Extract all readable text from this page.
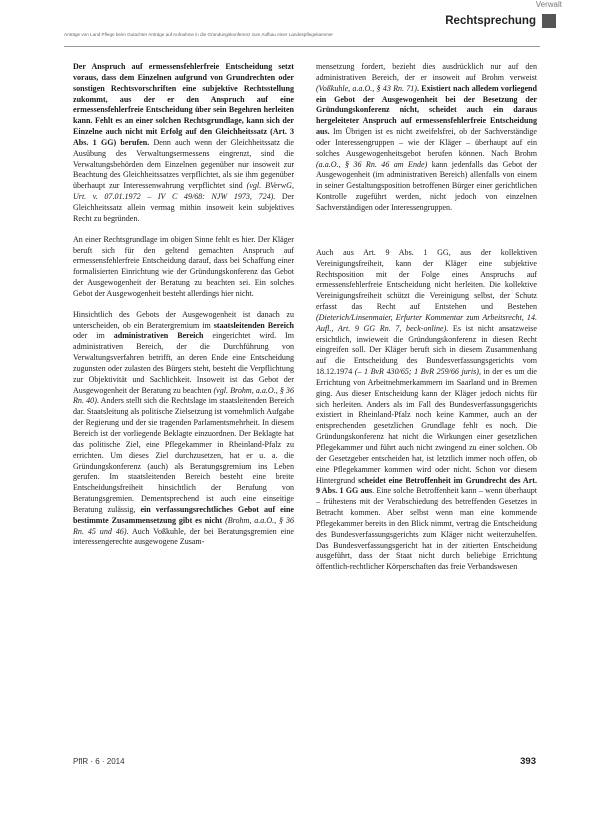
Anträge von Land Pflege beim Gutachter Anträge auf Aufnahme in die Gründungskonferenz zum Aufbau einer Landespflegekammer
Verwalt
Rechtsprechung

Der Anspruch auf ermessensfehlerfreie Entscheidung setzt voraus, dass dem Einzelnen aufgrund von Grundrechten oder sonstigen Rechtsvorschriften eine subjektive Rechtsstellung zukommt, aus der er den Anspruch auf eine ermessensfehlerfreie Entscheidung über sein Begehren herleiten kann. Fehlt es an einer solchen Rechtsgrundlage, kann sich der Einzelne auch nicht mit Erfolg auf den Gleichheitssatz (Art. 3 Abs. 1 GG) berufen. Denn auch wenn der Gleichheitssatz die Ausübung des Verwaltungsermessens eingrenzt, sind die Verwaltungsbehörden dem Einzelnen gegenüber nur insoweit zur Beachtung des Gleichheitssatzes verpflichtet, als sie ihm gegenüber überhaupt zur Interessenwahrung verpflichtet sind (vgl. BVerwG, Urt. v. 07.01.1972 – IV C 49/68: NJW 1973, 724). Der Gleichheitssatz allein vermag mithin insoweit kein subjektives Recht zu begründen.

An einer Rechtsgrundlage im obigen Sinne fehlt es hier. Der Kläger beruft sich für den geltend gemachten Anspruch auf ermessensfehlerfreie Entscheidung darauf, dass bei Schaffung einer formalisierten Einrichtung wie der Gründungskonferenz das Gebot der Ausgewogenheit der Beratung zu beachten sei. Ein solches Gebot der Ausgewogenheit besteht allerdings hier nicht.

Hinsichtlich des Gebots der Ausgewogenheit ist danach zu unterscheiden, ob ein Beratergremium im staatsleitenden Bereich oder im administrativen Bereich eingerichtet wird. Im administrativen Bereich, der die Durchführung von Verwaltungsverfahren betrifft, an deren Ende eine Entscheidung zugunsten oder zulasten des Bürgers steht, besteht die Verpflichtung zur Objektivität und Sachlichkeit. Insoweit ist das Gebot der Ausgewogenheit der Beratung zu beachten (vgl. Brohm, a.a.O., § 36 Rn. 40). Anders stellt sich die Rechtslage im staatsleitenden Bereich dar. Staatsleitung als politische Zielsetzung ist vornehmlich Aufgabe der Regierung und der sie tragenden Parlamentsmehrheit. In diesem Bereich ist der vorliegende Beklagte einzuordnen. Der Beklagte hat das politische Ziel, eine Pflegekammer in Rheinland-Pfalz zu errichten. Um dieses Ziel durchzusetzen, hat er u. a. die Gründungskonferenz (auch) als Beratungsgremium ins Leben gerufen. Im staatsleitenden Bereich besteht eine breite Entscheidungsfreiheit hinsichtlich der Berufung von Beratungsgremien. Dementsprechend ist auch eine einseitige Beratung zulässig, ein verfassungsrechtliches Gebot auf eine bestimmte Zusammensetzung gibt es nicht (Brohm, a.a.O., § 36 Rn. 45 und 46). Auch Voßkuhle, der bei Beratungsgremien eine interessengerechte ausgewogene Zusam-

mensetzung fordert, bezieht dies ausdrücklich nur auf den administrativen Bereich, der er insoweit auf Brohm verweist (Voßkuhle, a.a.O., § 43 Rn. 71). Existiert nach alledem vorliegend ein Gebot der Ausgewogenheit bei der Besetzung der Gründungskonferenz nicht, scheidet auch ein daraus hergeleiteter Anspruch auf ermessensfehlerfreie Entscheidung aus. Im Übrigen ist es nicht zweifelsfrei, ob der Sachverständige oder Interessengruppen – wie der Kläger – überhaupt auf ein solches Ausgewogenheitsgebot berufen können. Nach Brohm (a.a.O., § 36 Rn. 46 am Ende) kann jedenfalls das Gebot der Ausgewogenheit (im administrativen Bereich) allenfalls von einem in seiner Gestaltungsposition betroffenen Bürger einer gerichtlichen Kontrolle zugeführt werden, nicht jedoch von einzelnen Sachverständigen oder Interessengruppen.

Auch aus Art. 9 Abs. 1 GG, aus der kollektiven Vereinigungsfreiheit, kann der Kläger eine subjektive Rechtsposition mit der Folge eines Anspruchs auf ermessensfehlerfreie Entscheidung nicht herleiten. Die kollektive Vereinigungsfreiheit schützt die Vereinigung selbst, der Schutz erfasst das Recht auf Entstehen und Bestehen (Dieterich/Linsenmaier, Erfurter Kommentar zum Arbeitsrecht, 14. Aufl., Art. 9 GG Rn. 7, beck-online). Es ist nicht ansatzweise ersichtlich, inwieweit die Gründungskonferenz in diesen Recht eingreifen soll. Der Kläger beruft sich in diesem Zusammenhang auf die Entscheidung des Bundesverfassungsgerichts vom 18.12.1974 (– 1 BvR 430/65; 1 BvR 259/66 juris), in der es um die Errichtung von Arbeitnehmerkammern im Saarland und in Bremen ging. Aus dieser Entscheidung kann der Kläger jedoch nichts für sich herleiten. Anders als im Fall des Bundesverfassungsgerichts existiert in Rheinland-Pfalz noch keine Kammer, auch an der entsprechenden gesetzlichen Grundlage fehlt es noch. Die Gründungskonferenz hat nicht die Wirkungen einer gesetzlichen Pflegekammer und führt auch nicht zwingend zu einer solchen. Ob der Gesetzgeber entscheiden hat, ist letztlich immer noch offen, ob eine Pflegekammer kommen wird oder nicht. Schon vor diesem Hintergrund scheidet eine Betroffenheit im Grundrecht des Art. 9 Abs. 1 GG aus. Eine solche Betroffenheit kann – wenn überhaupt – frühestens mit der Verabschiedung des betreffenden Gesetzes in Betracht kommen. Aber selbst wenn man eine kommende Pflegekammer bereits in den Blick nimmt, vertrag die Entscheidung des Bundesverfassungsgerichts zum Kläger nicht weiterzuhelfen. Das Bundesverfassungsgericht hat in der zitierten Entscheidung ausgeführt, dass der Staat nicht durch beliebige Errichtung öffentlich-rechtlicher Körperschaften das freie Verbandswesen

PflR · 6 · 2014	393
